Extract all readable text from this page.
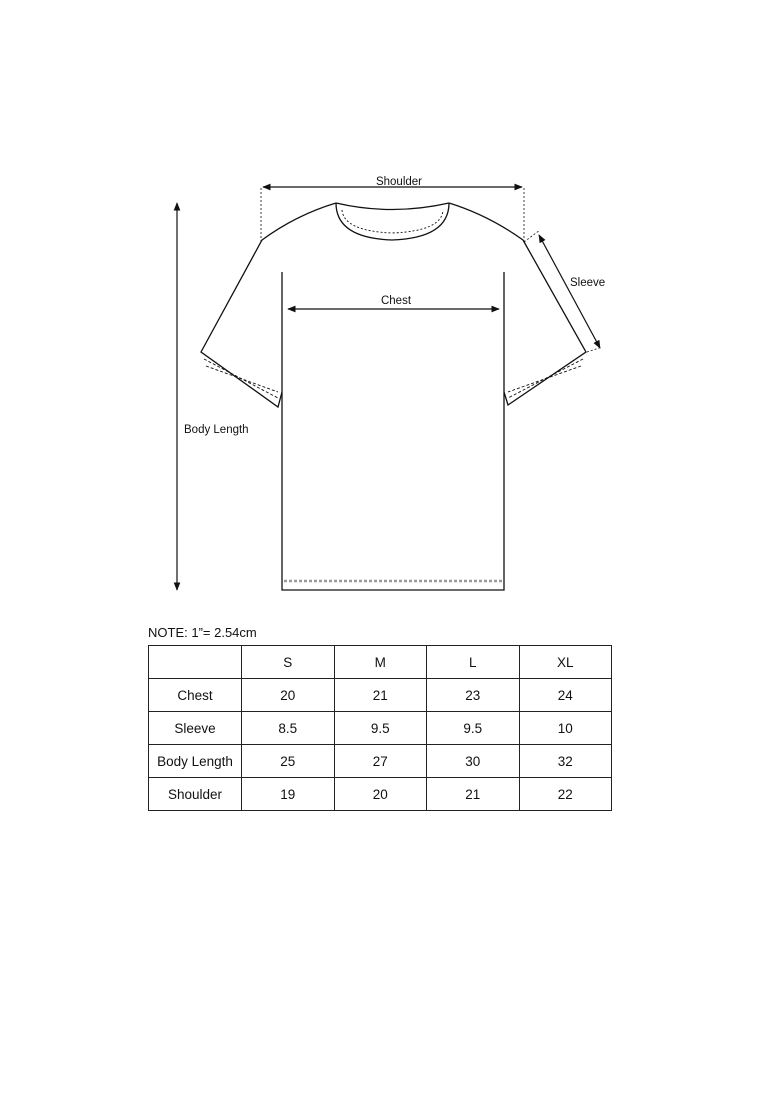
Shoulder
Chest
Sleeve
Body Length
NOTE: 1”= 2.54cm
	S	M	L	XL
Chest	20	21	23	24
Sleeve	8.5	9.5	9.5	10
Body Length	25	27	30	32
Shoulder	19	20	21	22
